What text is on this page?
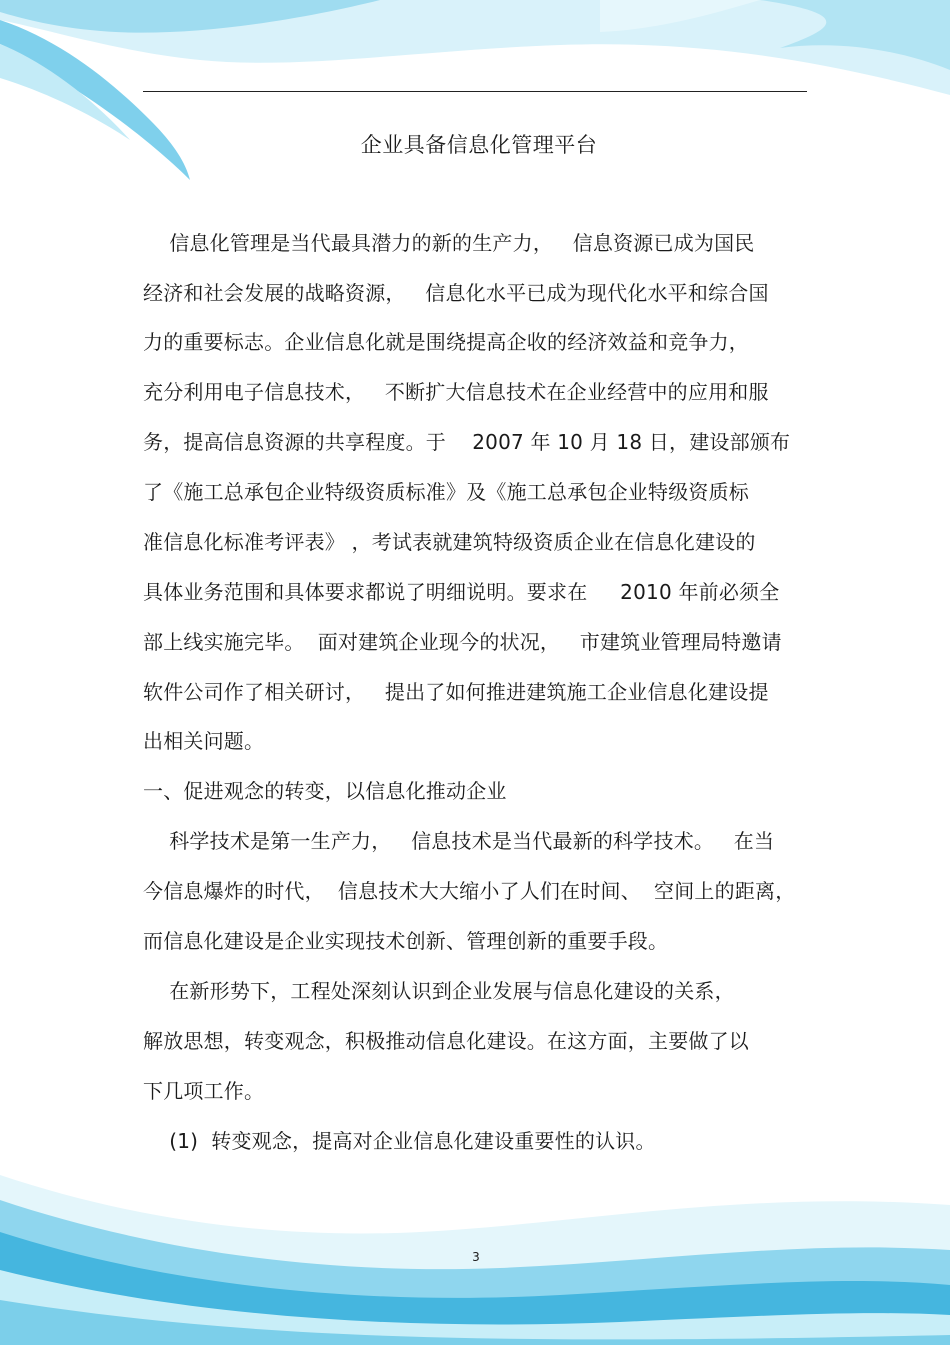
企业具备信息化管理平台
信息化管理是当代最具潜力的新的生产力，   信息资源已成为国民
经济和社会发展的战略资源，   信息化水平已成为现代化水平和综合国
力的重要标志。企业信息化就是围绕提高企收的经济效益和竞争力，
充分利用电子信息技术，   不断扩大信息技术在企业经营中的应用和服
务，提高信息资源的共享程度。于    2007 年 10 月 18 日，建设部颁布
了《施工总承包企业特级资质标准》及《施工总承包企业特级资质标
准信息化标准考评表》 ，考试表就建筑特级资质企业在信息化建设的
具体业务范围和具体要求都说了明细说明。要求在     2010 年前必须全
部上线实施完毕。  面对建筑企业现今的状况，   市建筑业管理局特邀请
软件公司作了相关研讨，   提出了如何推进建筑施工企业信息化建设提
出相关问题。
一、促进观念的转变，以信息化推动企业
科学技术是第一生产力，   信息技术是当代最新的科学技术。   在当
今信息爆炸的时代，  信息技术大大缩小了人们在时间、  空间上的距离，
而信息化建设是企业实现技术创新、管理创新的重要手段。
在新形势下，工程处深刻认识到企业发展与信息化建设的关系，
解放思想，转变观念，积极推动信息化建设。在这方面，主要做了以
下几项工作。
(1)  转变观念，提高对企业信息化建设重要性的认识。
3
